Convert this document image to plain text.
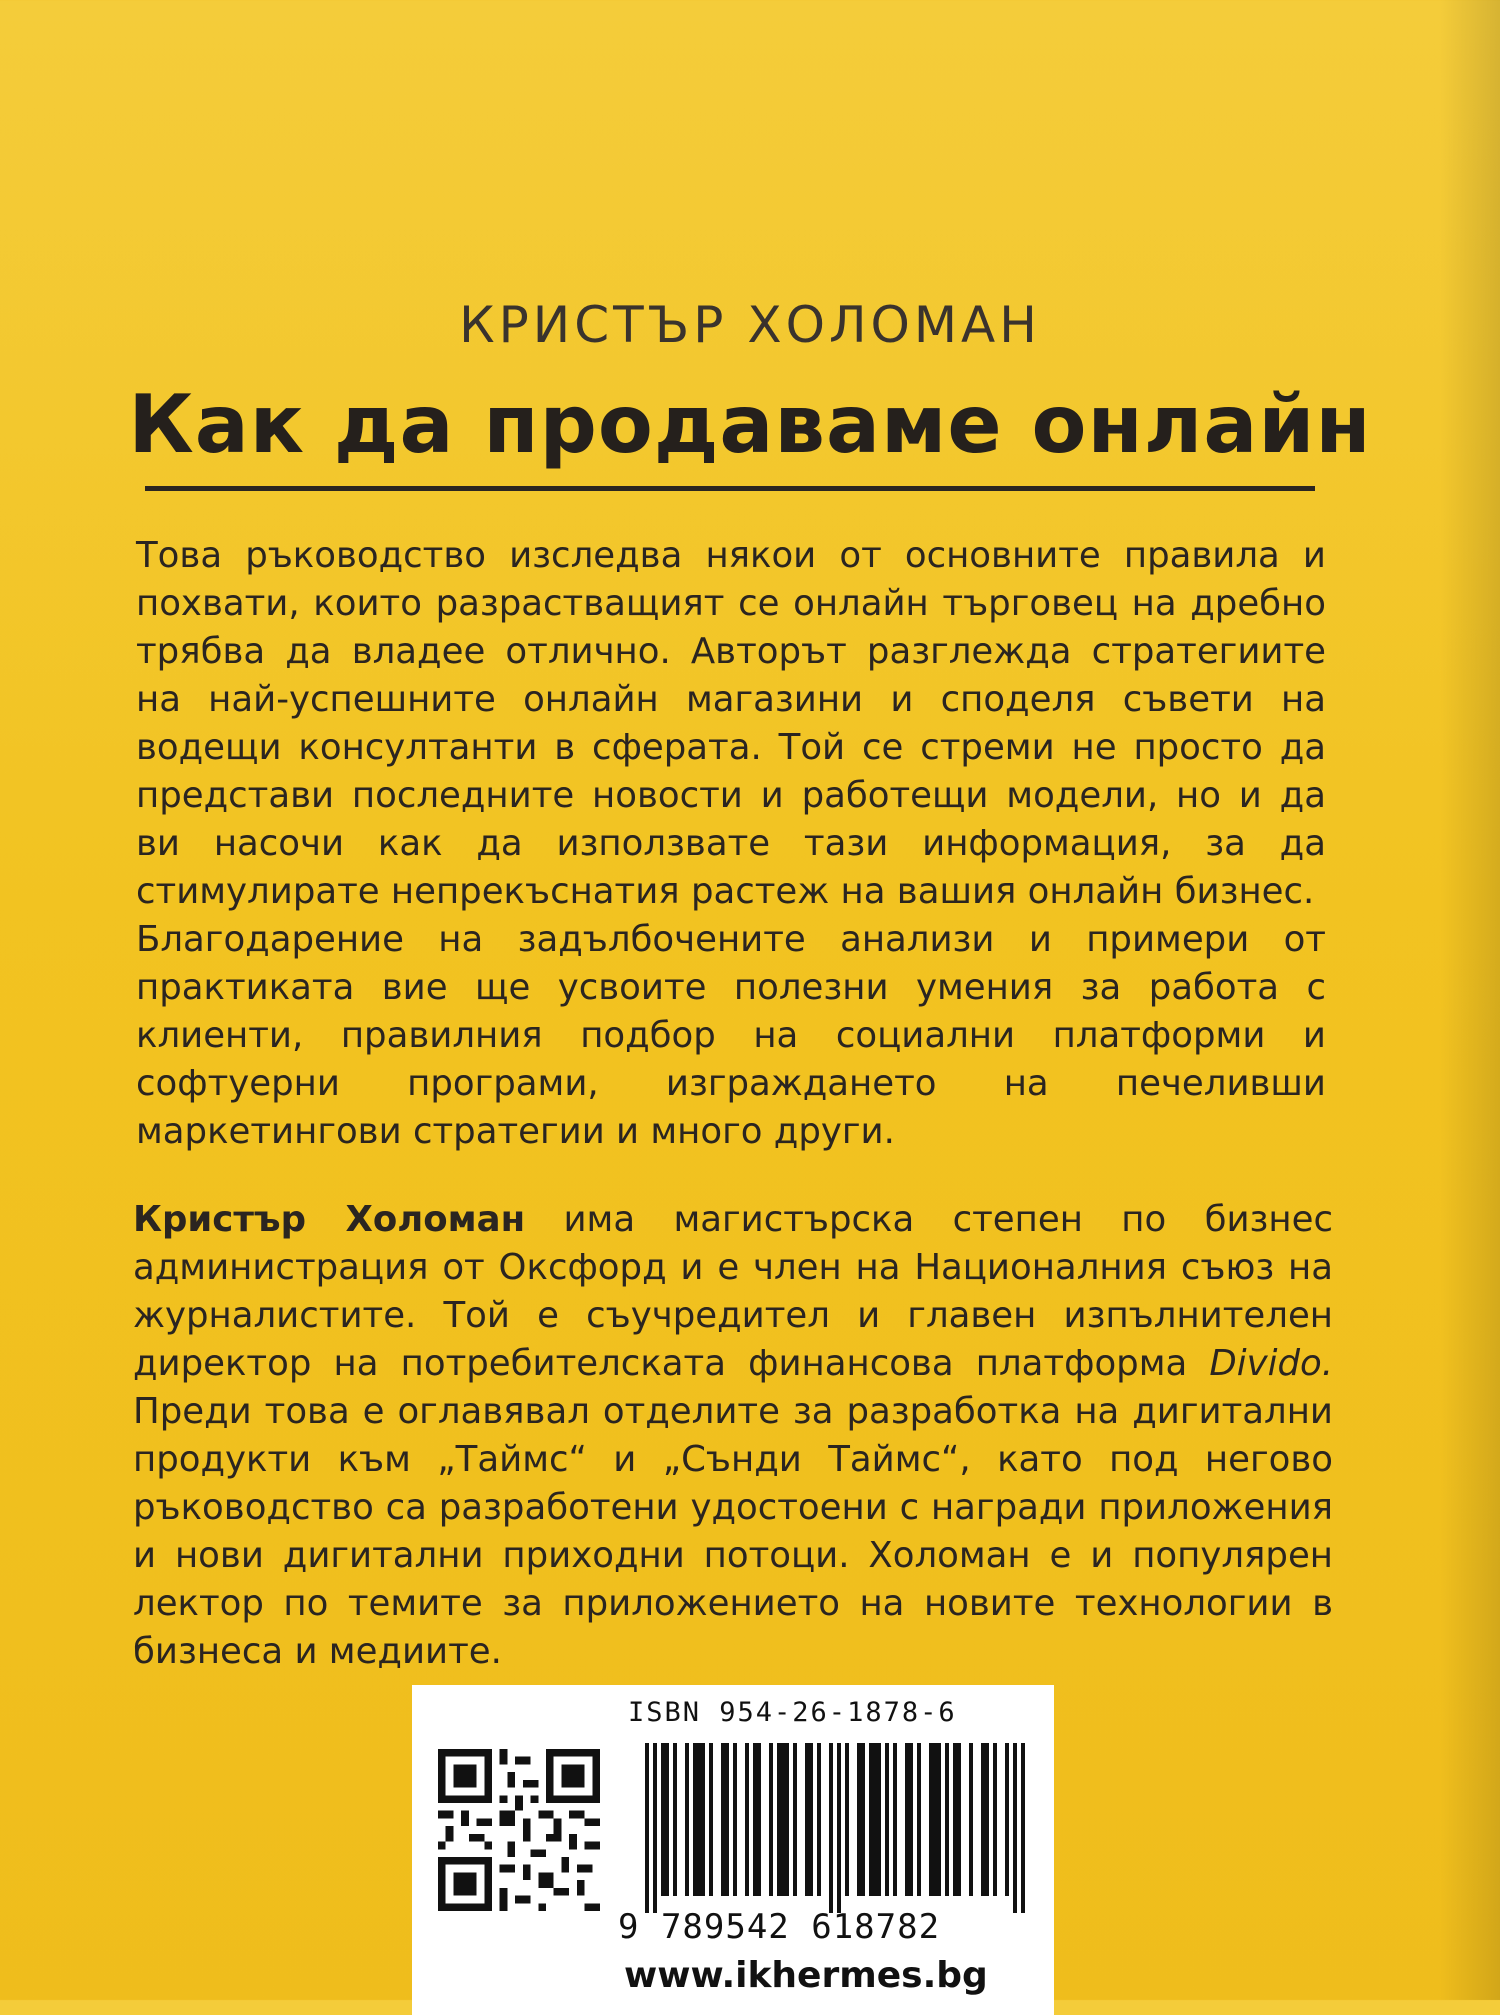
КРИСТЪР ХОЛОМАН
Как да продаваме онлайн

Това ръководство изследва някои от основните правила и похвати, които разрастващият се онлайн търговец на дребно трябва да владее отлично. Авторът разглежда стратегиите на най-успешните онлайн магазини и споделя съвети на водещи консултанти в сферата. Той се стреми не просто да представи последните новости и работещи модели, но и да ви насочи как да използвате тази информация, за да стимулирате непрекъснатия растеж на вашия онлайн бизнес.

Благодарение на задълбочените анализи и примери от практиката вие ще усвоите полезни умения за работа с клиенти, правилния подбор на социални платформи и софтуерни програми, изграждането на печеливши маркетингови стратегии и много други.

Кристър Холоман има магистърска степен по бизнес администрация от Оксфорд и е член на Националния съюз на журналистите. Той е съучредител и главен изпълнителен директор на потребителската финансова платформа Divido. Преди това е оглавявал отделите за разработка на дигитални продукти към „Таймс“ и „Сънди Таймс“, като под негово ръководство са разработени удостоени с награди приложения и нови дигитални приходни потоци. Холоман е и популярен лектор по темите за приложението на новите технологии в бизнеса и медиите.

ISBN 954-26-1878-6
9 789542 618782
www.ikhermes.bg
